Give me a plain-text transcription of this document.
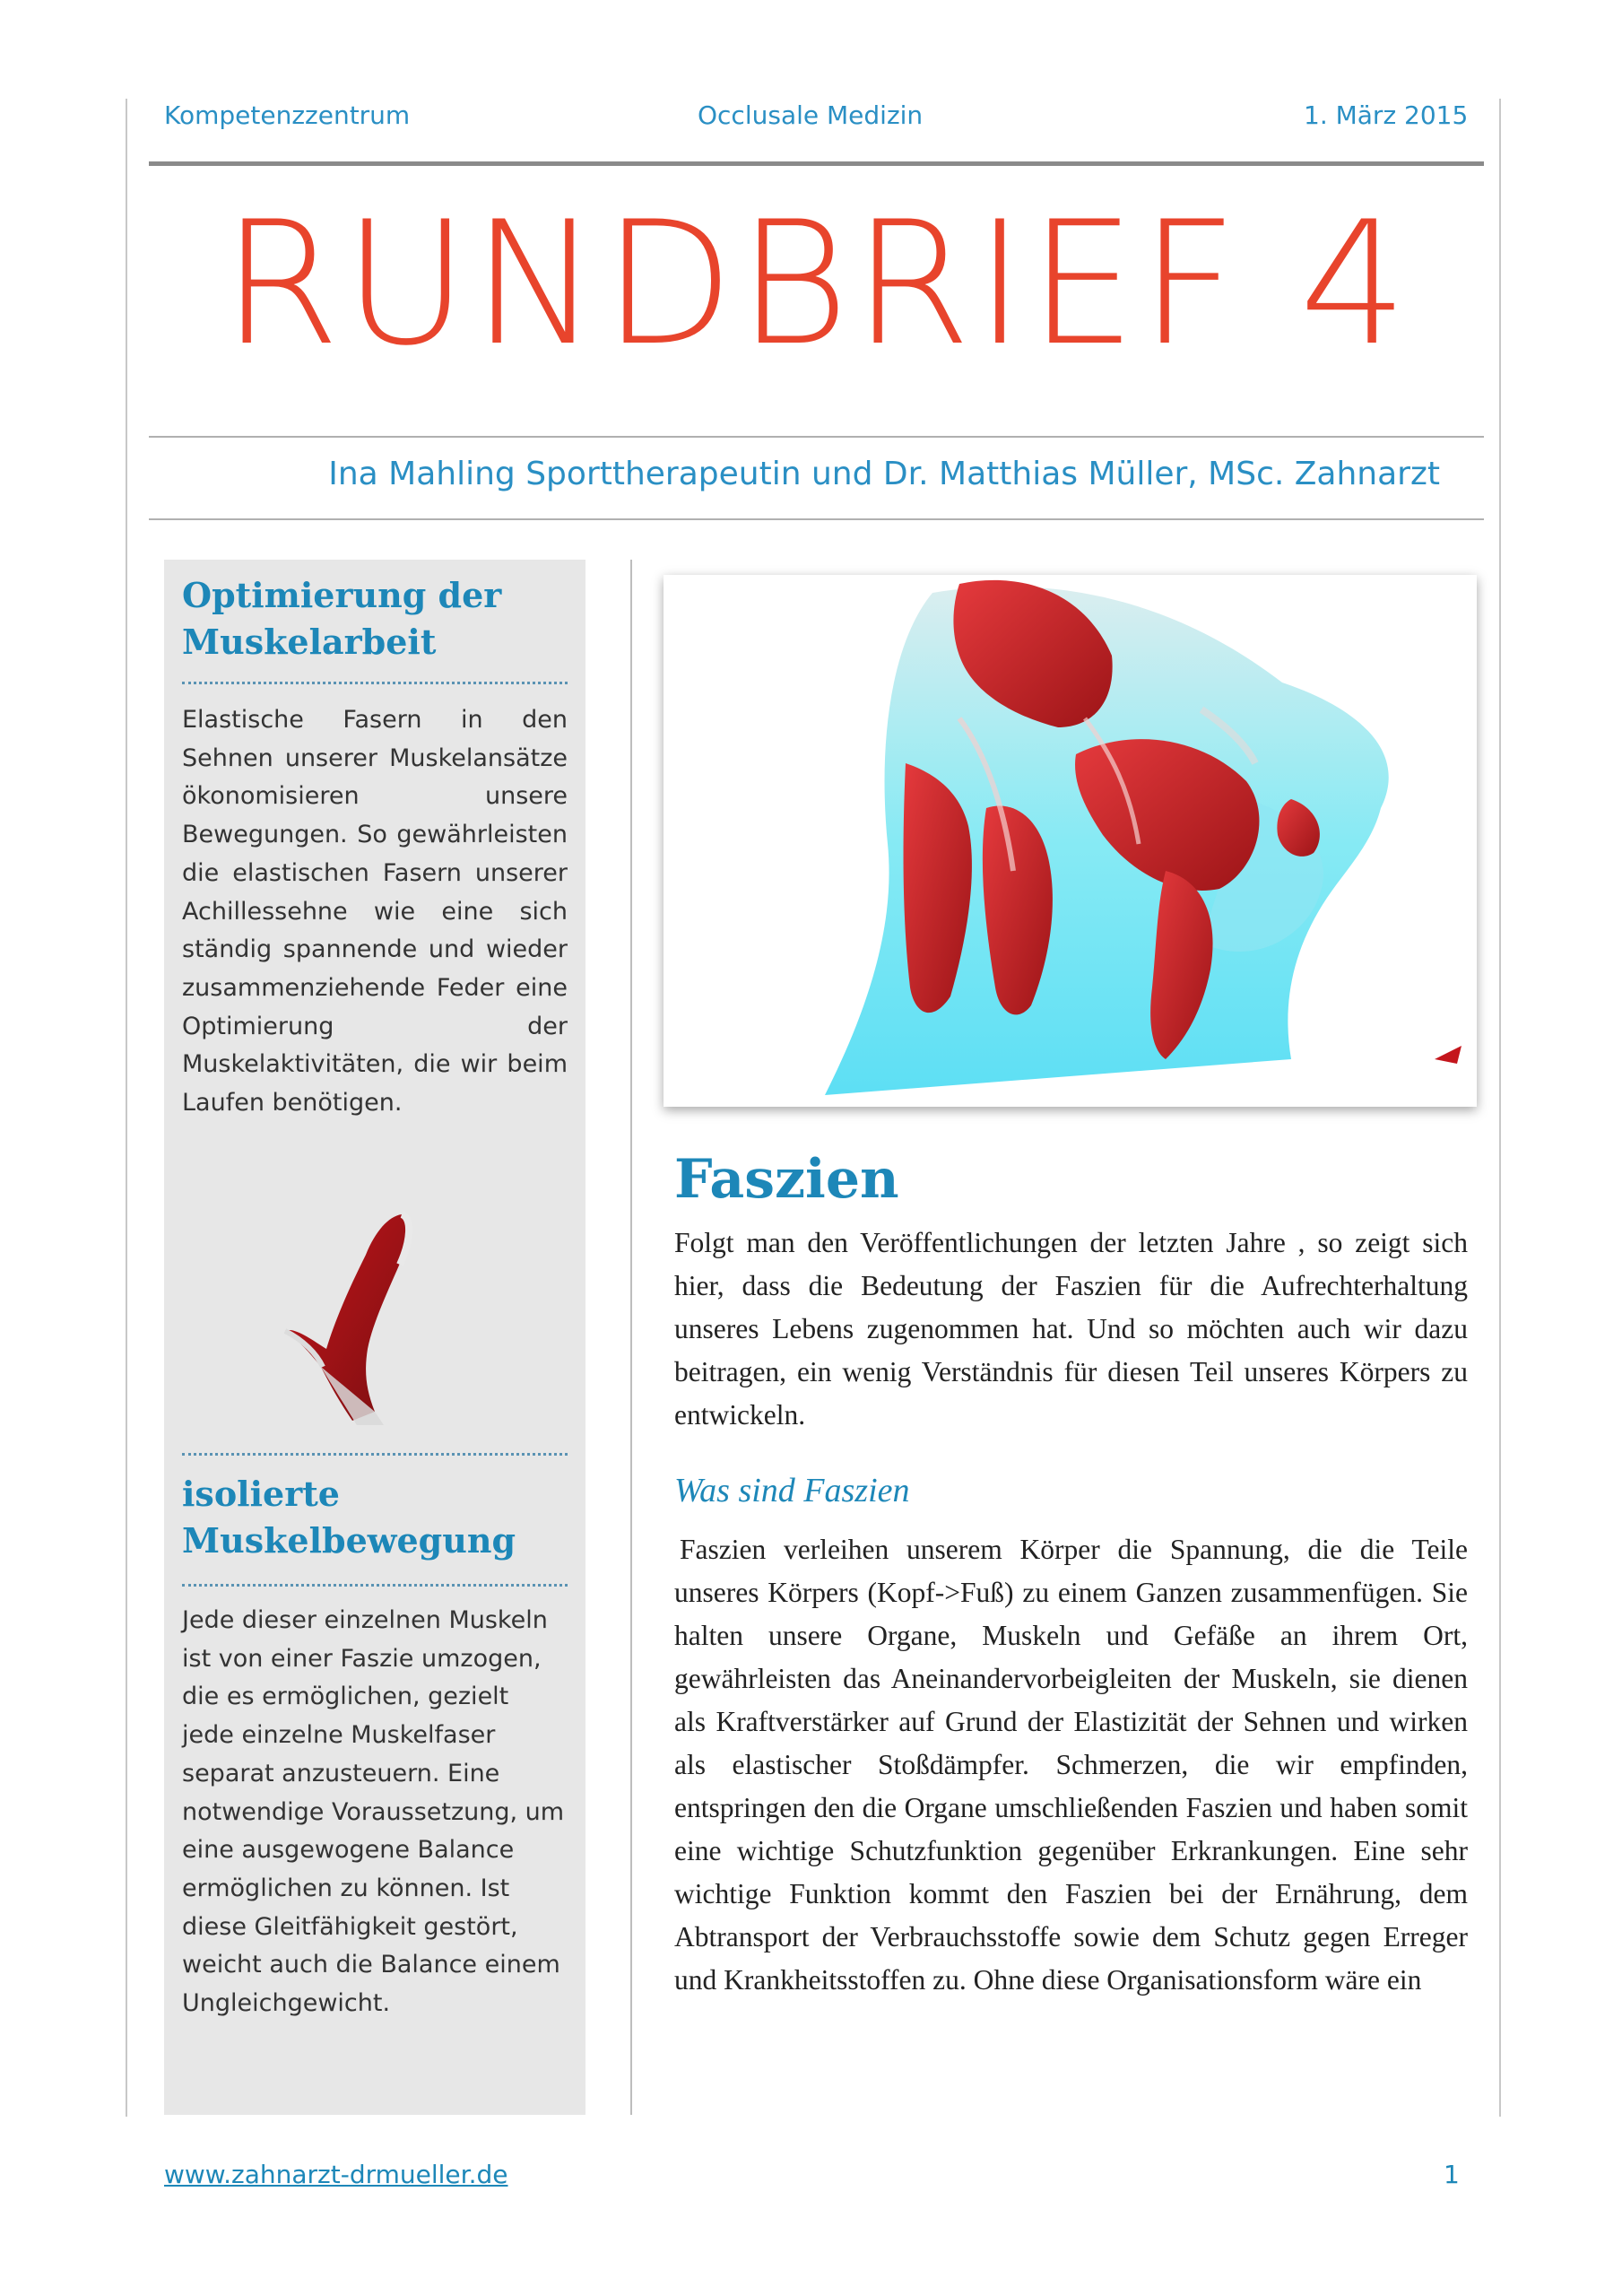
Kompetenzzentrum	Occlusale Medizin	1. März 2015
RUNDBRIEF 4
Ina Mahling Sporttherapeutin und Dr. Matthias Müller, MSc. Zahnarzt
Optimierung der Muskelarbeit
Elastische Fasern in den Sehnen unserer Muskelansätze ökonomisieren unsere Bewegungen. So gewährleisten die elastischen Fasern unserer Achillessehne wie eine sich ständig spannende und wieder zusammenziehende Feder eine Optimierung der Muskelaktivitäten, die wir beim Laufen benötigen.
isolierte Muskelbewegung
Jede dieser einzelnen Muskeln ist von einer Faszie umzogen, die es ermöglichen, gezielt jede einzelne Muskelfaser separat anzusteuern. Eine notwendige Voraussetzung, um eine ausgewogene Balance ermöglichen zu können. Ist diese Gleitfähigkeit gestört, weicht auch die Balance einem Ungleichgewicht.
Faszien
Folgt man den Veröffentlichungen der letzten Jahre , so zeigt sich hier, dass die Bedeutung der Faszien für die Aufrechterhaltung unseres Lebens zugenommen hat. Und so möchten auch wir dazu beitragen, ein wenig Verständnis für diesen Teil unseres Körpers zu entwickeln.
Was sind Faszien
Faszien verleihen unserem Körper die Spannung, die die Teile unseres Körpers (Kopf->Fuß) zu einem Ganzen zusammenfügen. Sie halten unsere Organe, Muskeln und Gefäße an ihrem Ort, gewährleisten das Aneinandervorbeigleiten der Muskeln, sie dienen als Kraftverstärker auf Grund der Elastizität der Sehnen und wirken als elastischer Stoßdämpfer. Schmerzen, die wir empfinden, entspringen den die Organe umschließenden Faszien und haben somit eine wichtige Schutzfunktion gegenüber Erkrankungen. Eine sehr wichtige Funktion kommt den Faszien bei der Ernährung, dem Abtransport der Verbrauchsstoffe sowie dem Schutz gegen Erreger und Krankheitsstoffen zu. Ohne diese Organisationsform wäre ein
www.zahnarzt-drmueller.de	1
